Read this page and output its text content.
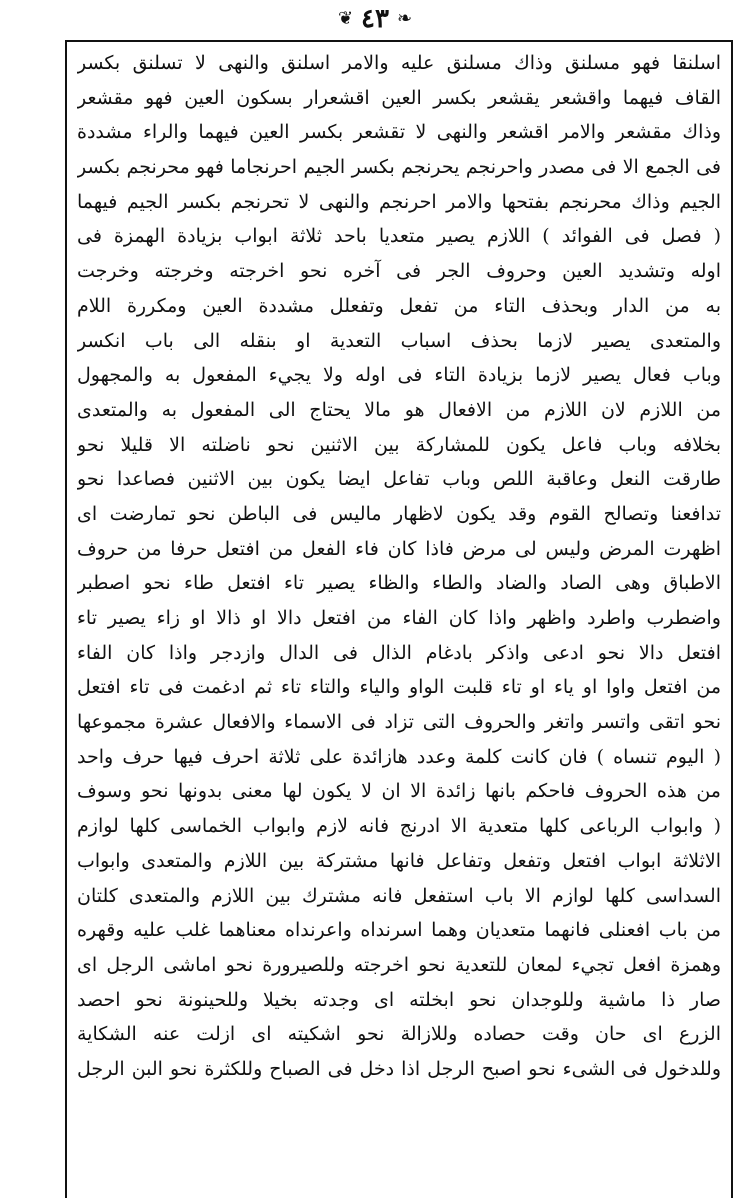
❦ ٤٣ ❧
اسلنقا فهو مسلنق وذاك مسلنق عليه والامر اسلنق والنهى لا تسلنق بكسر
القاف فيهما واقشعر يقشعر بكسر العين اقشعرار بسكون العين فهو مقشعر
وذاك مقشعر والامر اقشعر والنهى لا تقشعر بكسر العين فيهما والراء مشددة
فى الجمع الا فى مصدر واحرنجم يحرنجم بكسر الجيم احرنجاما فهو محرنجم بكسر
الجيم وذاك محرنجم بفتحها والامر احرنجم والنهى لا تحرنجم بكسر الجيم فيهما
( فصل فى الفوائد ) اللازم يصير متعديا باحد ثلاثة ابواب بزيادة الهمزة فى
اوله وتشديد العين وحروف الجر فى آخره نحو اخرجته وخرجته وخرجت
به من الدار وبحذف التاء من تفعل وتفعلل مشددة العين ومكررة اللام
والمتعدى يصير لازما بحذف اسباب التعدية او بنقله الى باب انكسر
وباب فعال يصير لازما بزيادة التاء فى اوله ولا يجيء المفعول به والمجهول
من اللازم لان اللازم من الافعال هو مالا يحتاج الى المفعول به والمتعدى
بخلافه وباب فاعل يكون للمشاركة بين الاثنين نحو ناضلته الا قليلا نحو
طارقت النعل وعاقبة اللص وباب تفاعل ايضا يكون بين الاثنين فصاعدا نحو
تدافعنا وتصالح القوم وقد يكون لاظهار ماليس فى الباطن نحو تمارضت اى
اظهرت المرض وليس لى مرض فاذا كان فاء الفعل من افتعل حرفا من حروف
الاطباق وهى الصاد والضاد والطاء والظاء يصير تاء افتعل طاء نحو اصطبر
واضطرب واطرد واظهر واذا كان الفاء من افتعل دالا او ذالا او زاء يصير تاء
افتعل دالا نحو ادعى واذكر بادغام الذال فى الدال وازدجر واذا كان الفاء
من افتعل واوا او ياء او تاء قلبت الواو والياء والتاء تاء ثم ادغمت فى تاء افتعل
نحو اتقى واتسر واتغر والحروف التى تزاد فى الاسماء والافعال عشرة مجموعها
( اليوم تنساه ) فان كانت كلمة وعدد هازائدة على ثلاثة احرف فيها حرف واحد
من هذه الحروف فاحكم بانها زائدة الا ان لا يكون لها معنى بدونها نحو وسوف
( وابواب الرباعى كلها متعدية الا ادرنج فانه لازم وابواب الخماسى كلها لوازم
الاثلاثة ابواب افتعل وتفعل وتفاعل فانها مشتركة بين اللازم والمتعدى وابواب
السداسى كلها لوازم الا باب استفعل فانه مشترك بين اللازم والمتعدى كلتان
من باب افعنلى فانهما متعديان وهما اسرنداه واعرنداه معناهما غلب عليه وقهره
وهمزة افعل تجيء لمعان للتعدية نحو اخرجته وللصيرورة نحو اماشى الرجل اى
صار ذا ماشية وللوجدان نحو ابخلته اى وجدته بخيلا وللحينونة نحو احصد
الزرع اى حان وقت حصاده وللازالة نحو اشكيته اى ازلت عنه الشكاية
وللدخول فى الشىء نحو اصبح الرجل اذا دخل فى الصباح وللكثرة نحو البن الرجل
